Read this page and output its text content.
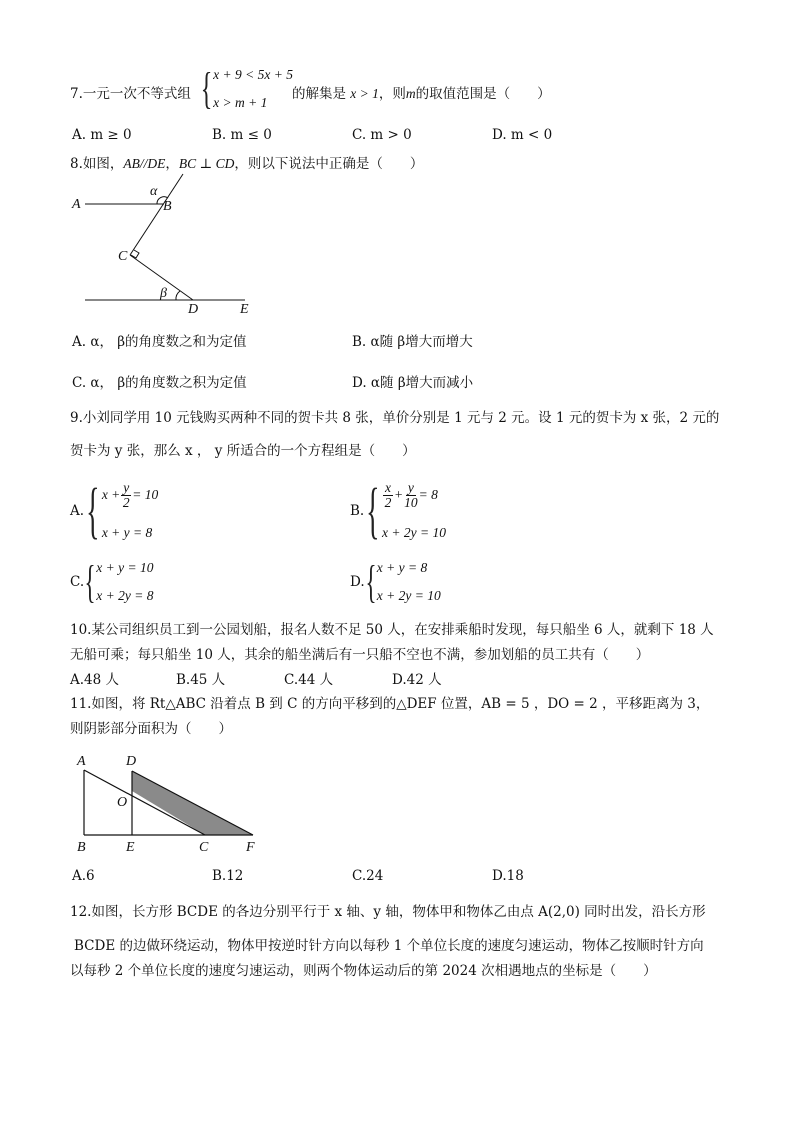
7.一元一次不等式组 { x + 9 < 5x + 5
x > m + 1
的解集是 x > 1，则m的取值范围是（　　）
A. m ≥ 0	B. m ≤ 0	C. m > 0	D. m < 0
8.如图，AB//DE，BC ⊥ CD，则以下说法中正确是（　　）
A	B
C
D	E
α
β
A. α， β的角度数之和为定值	B. α随 β增大而增大
C. α， β的角度数之积为定值	D. α随 β增大而减小
9.小刘同学用 10 元钱购买两种不同的贺卡共 8 张，单价分别是 1 元与 2 元。设 1 元的贺卡为 x 张，2 元的
贺卡为 y 张，那么 x ， y 所适合的一个方程组是（　　）
A. { $x + \frac{y}{2} = 10$
x + y = 8
B. { $\frac{x}{2} + \frac{y}{10} = 8$
x + 2y = 10
C. { x + y = 10
x + 2y = 8
D. { x + y = 8
x + 2y = 10
10.某公司组织员工到一公园划船，报名人数不足 50 人，在安排乘船时发现，每只船坐 6 人，就剩下 18 人
无船可乘；每只船坐 10 人，其余的船坐满后有一只船不空也不满，参加划船的员工共有（　　）
A.48 人	B.45 人	C.44 人	D.42 人
11.如图，将 Rt△ABC 沿着点 B 到 C 的方向平移到的△DEF 位置，AB = 5 ，DO = 2 ，平移距离为 3，
则阴影部分面积为（　　）
A	D
O
B	E	C	F
A.6	B.12	C.24	D.18
12.如图，长方形 BCDE 的各边分别平行于 x 轴、y 轴，物体甲和物体乙由点 A(2,0) 同时出发，沿长方形
BCDE 的边做环绕运动，物体甲按逆时针方向以每秒 1 个单位长度的速度匀速运动，物体乙按顺时针方向
以每秒 2 个单位长度的速度匀速运动，则两个物体运动后的第 2024 次相遇地点的坐标是（　　）
